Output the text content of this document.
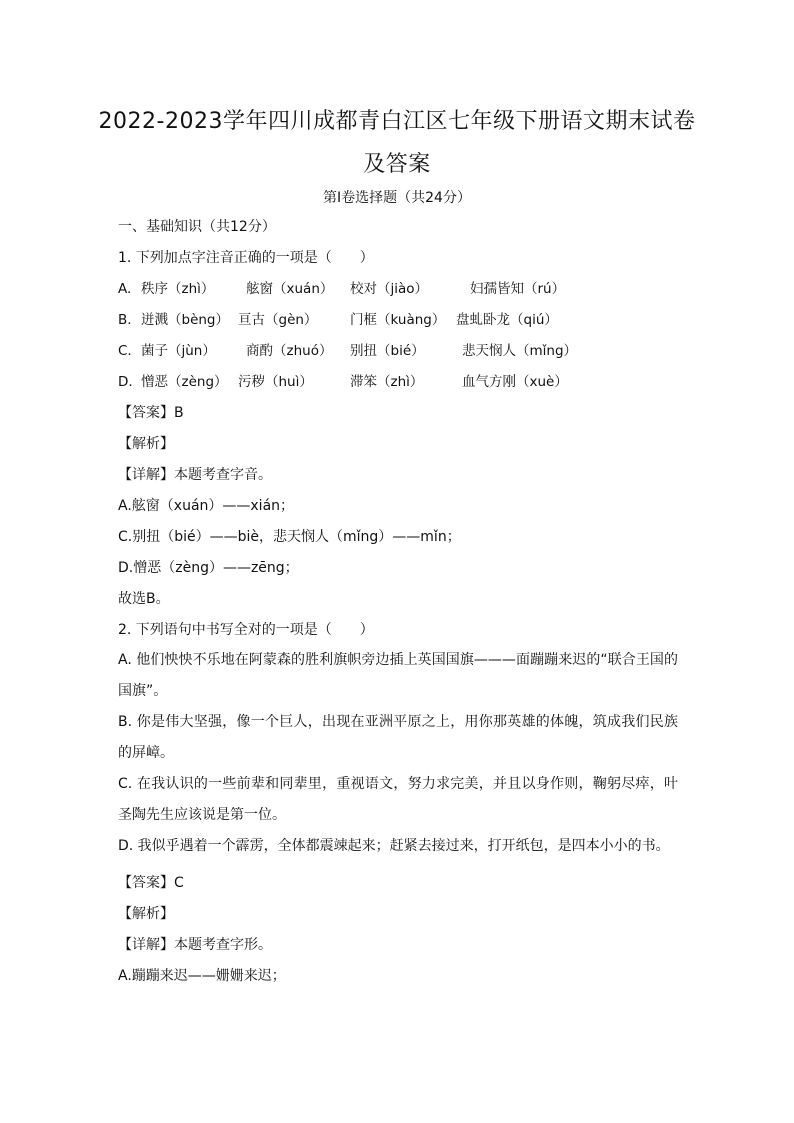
2022-2023学年四川成都青白江区七年级下册语文期末试卷
及答案
第Ⅰ卷选择题（共24分）
一、基础知识（共12分）
1. 下列加点字注音正确的一项是（　　）
A. 秩序（zhì） 舷窗（xuán） 校对（jiào）	妇孺皆知（rú）
B. 迸溅（bèng） 亘古（gèn） 门框（kuàng） 盘虬卧龙（qiú）
C. 菌子（jùn） 商酌（zhuó） 别扭（bié）	悲天悯人（mǐng）
D. 憎恶（zèng） 污秽（huì）	滞笨（zhì）	血气方刚（xuè）
【答案】B
【解析】
【详解】本题考查字音。
A.舷窗（xuán）——xián；
C.别扭（bié）——biè，悲天悯人（mǐng）——mǐn；
D.憎恶（zèng）——zēng；
故选B。
2. 下列语句中书写全对的一项是（　　）
A. 他们怏怏不乐地在阿蒙森的胜利旗帜旁边插上英国国旗———面蹦蹦来迟的“联合王国的国旗”。
B. 你是伟大坚强，像一个巨人，出现在亚洲平原之上，用你那英雄的体魄，筑成我们民族的屏嶂。
C. 在我认识的一些前辈和同辈里，重视语文，努力求完美，并且以身作则，鞠躬尽瘁，叶圣陶先生应该说是第一位。
D. 我似乎遇着一个霹雳，全体都震竦起来；赶紧去接过来，打开纸包，是四本小小的书。
【答案】C
【解析】
【详解】本题考查字形。
A.蹦蹦来迟——姗姗来迟；
